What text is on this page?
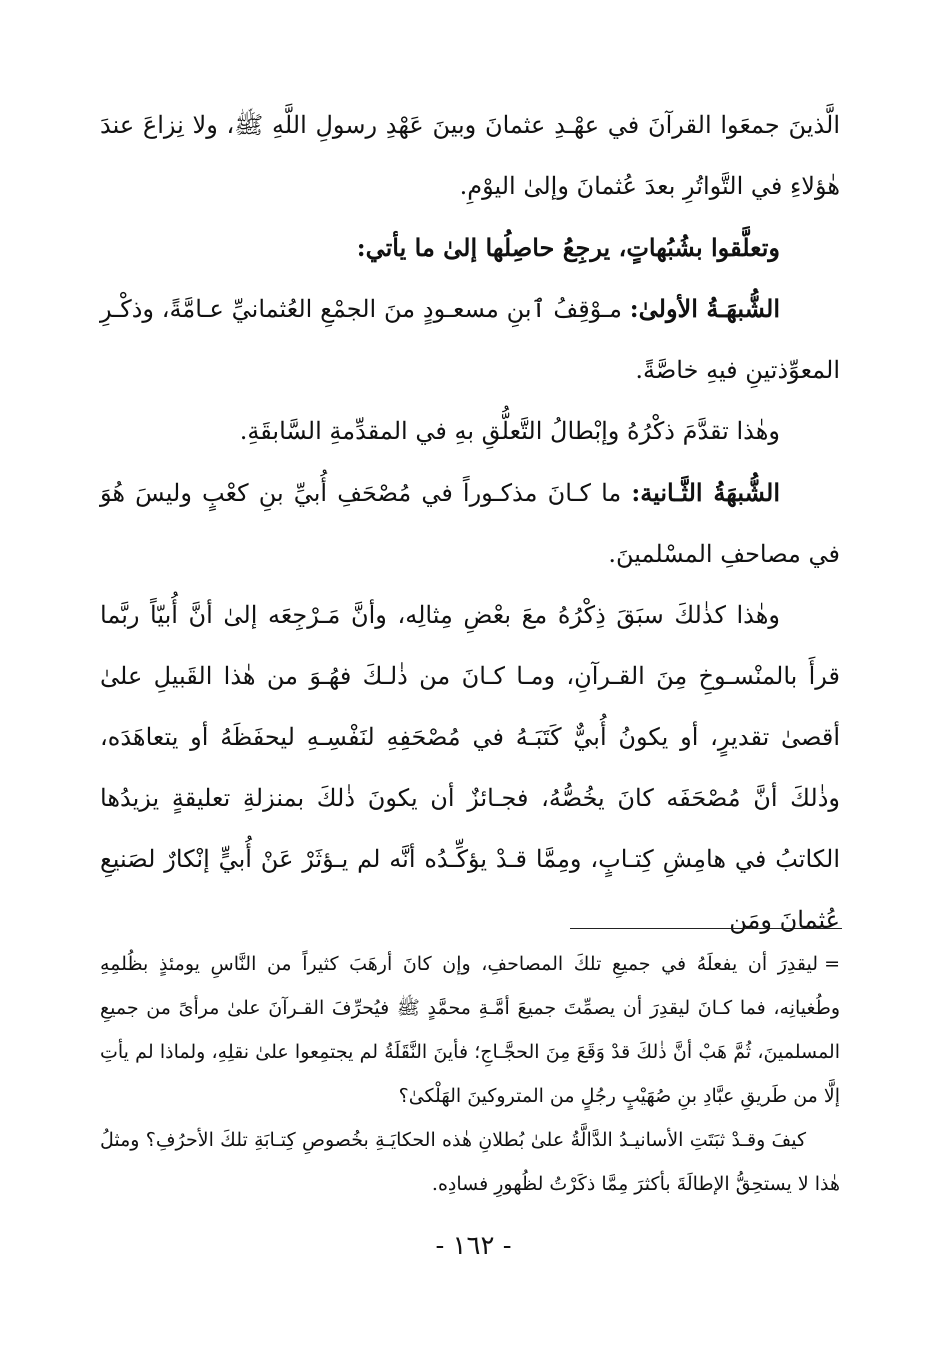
الَّذينَ جمعَوا القرآنَ في عهْـدِ عثمانَ وبينَ عَهْدِ رسولِ اللَّهِ ﷺ، ولا نِزاعَ عندَ هٰؤلاءِ في التَّواتُرِ بعدَ عُثمانَ وإلىٰ اليوْمِ.

وتعلَّقوا بشُبُهاتٍ، يرجِعُ حاصِلُها إلىٰ ما يأتي:

الشُّبهَـةُ الأولىٰ: مـوْقِفُ ٱبنِ مسعـودٍ منَ الجمْعِ العُثمانيِّ عـامَّةً، وذكْـرِ المعوِّذتينِ فيهِ خاصَّةً.

وهٰذا تقدَّمَ ذكْرُهُ وإبْطالُ التَّعلُّقِ بهِ في المقدِّمةِ السَّابقَةِ.

الشُّبهَةُ الثَّـانية: ما كـانَ مذكـوراً في مُصْحَفِ أُبيِّ بنِ كعْبٍ وليسَ هُوَ في مصاحفِ المسْلمينَ.

وهٰذا كذٰلكَ سبَقَ ذِكْرُهُ معَ بعْضِ مِثالِه، وأنَّ مَـرْجِعَه إلىٰ أنَّ أُبيّاً ربَّما قرأَ بالمنْسـوخِ مِنَ القـرآنِ، ومـا كـانَ من ذٰلـكَ فهُـوَ من هٰذا القَبيلِ علىٰ أقصىٰ تقديرٍ، أو يكونُ أُبيٌّ كَتَبَـهُ في مُصْحَفِهِ لنَفْسِـهِ ليحفَظَهُ أو يتعاهَدَه، وذٰلكَ أنَّ مُصْحَفَه كانَ يخُصُّهُ، فجـائزٌ أن يكونَ ذٰلكَ بمنزلةِ تعليقةٍ يزيدُها الكاتبُ في هامِشِ كِتـابٍ، ومِمَّا قـدْ يؤكِّـدُه أنَّه لم يـؤثَرْ عَنْ أُبيٍّ إنْكارٌ لصَنيعِ عُثمانَ ومَن

=ليقدِرَ أن يفعلَهُ في جميعِ تلكَ المصاحفِ، وإن كانَ أرهَبَ كثيراً من النَّاسِ يومئذٍ بظُلمِهِ وطُغيانِه، فما كـانَ ليقدِرَ أن يصمِّتَ جميعَ أمَّـةِ محمَّدٍ ﷺ فيُحرِّفَ القـرآنَ علىٰ مرأىً من جميعِ المسلمينَ، ثُمَّ هَبْ أنَّ ذٰلكَ قدْ وَقَعَ مِنَ الحجَّـاجِ؛ فأينَ النَّقَلَةُ لم يجتمِعوا علىٰ نقلِهِ، ولماذا لم يأتِ إلَّا من طَريقِ عبَّادِ بنِ صُهَيْبٍ رجُلٍ من المتروكينَ الهَلْكىٰ؟

كيفَ وقـدْ ثبَتَتِ الأسانيـدُ الدَّالَّةُ علىٰ بُطلانِ هٰذه الحكايَـةِ بخُصوصِ كِتـابَةِ تلكَ الأحرُفِ؟ ومثلُ هٰذا لا يستحِقُّ الإطالَةَ بأكثرَ مِمَّا ذكَرْتُ لظُهورِ فسادِه.

- ١٦٢ -
